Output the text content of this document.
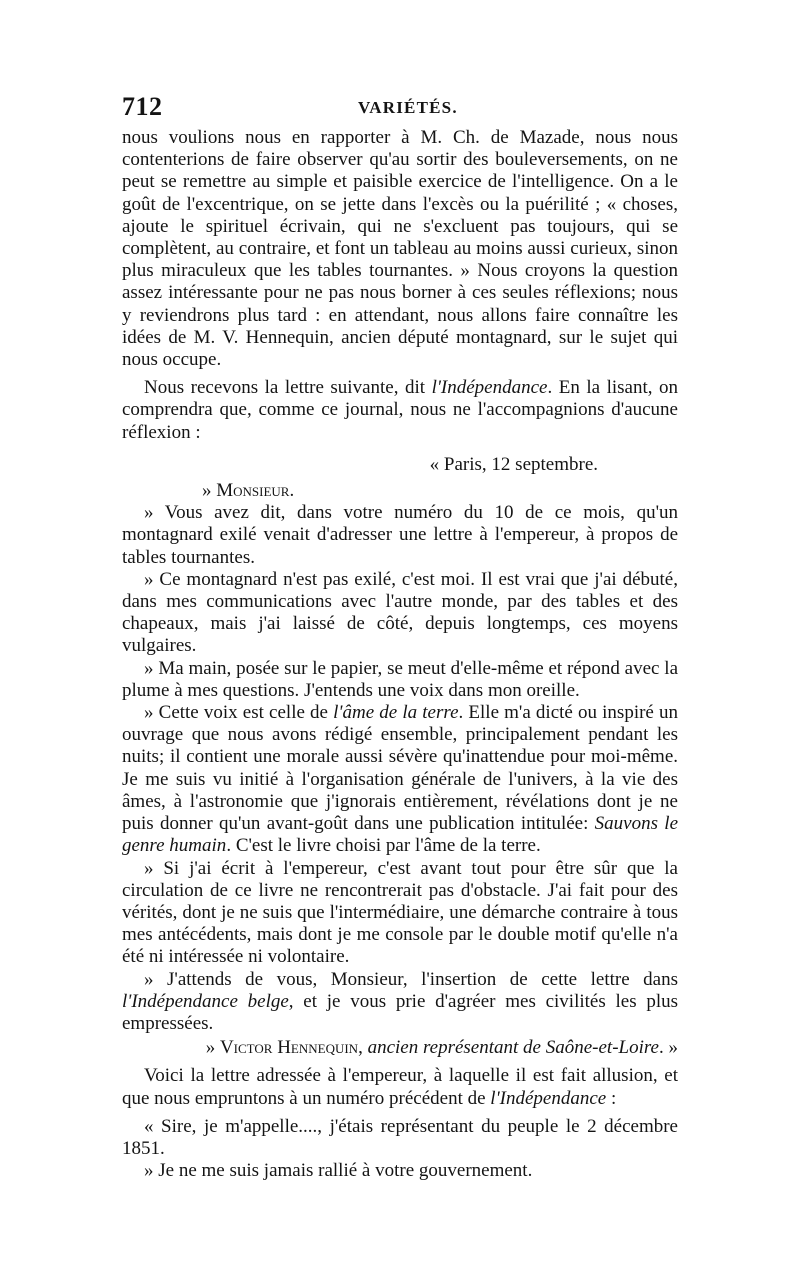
712	VARIÉTÉS.

nous voulions nous en rapporter à M. Ch. de Mazade, nous nous contenterions de faire observer qu'au sortir des bouleversements, on ne peut se remettre au simple et paisible exercice de l'intelligence. On a le goût de l'excentrique, on se jette dans l'excès ou la puérilité ; « choses, ajoute le spirituel écrivain, qui ne s'excluent pas toujours, qui se complètent, au contraire, et font un tableau au moins aussi curieux, sinon plus miraculeux que les tables tournantes. » Nous croyons la question assez intéressante pour ne pas nous borner à ces seules réflexions; nous y reviendrons plus tard : en attendant, nous allons faire connaître les idées de M. V. Hennequin, ancien député montagnard, sur le sujet qui nous occupe.

Nous recevons la lettre suivante, dit l'Indépendance. En la lisant, on comprendra que, comme ce journal, nous ne l'accompagnions d'aucune réflexion :

« Paris, 12 septembre.

» Monsieur.

» Vous avez dit, dans votre numéro du 10 de ce mois, qu'un montagnard exilé venait d'adresser une lettre à l'empereur, à propos de tables tournantes.

» Ce montagnard n'est pas exilé, c'est moi. Il est vrai que j'ai débuté, dans mes communications avec l'autre monde, par des tables et des chapeaux, mais j'ai laissé de côté, depuis longtemps, ces moyens vulgaires.

» Ma main, posée sur le papier, se meut d'elle-même et répond avec la plume à mes questions. J'entends une voix dans mon oreille.

» Cette voix est celle de l'âme de la terre. Elle m'a dicté ou inspiré un ouvrage que nous avons rédigé ensemble, principalement pendant les nuits; il contient une morale aussi sévère qu'inattendue pour moi-même. Je me suis vu initié à l'organisation générale de l'univers, à la vie des âmes, à l'astronomie que j'ignorais entièrement, révélations dont je ne puis donner qu'un avant-goût dans une publication intitulée: Sauvons le genre humain. C'est le livre choisi par l'âme de la terre.

» Si j'ai écrit à l'empereur, c'est avant tout pour être sûr que la circulation de ce livre ne rencontrerait pas d'obstacle. J'ai fait pour des vérités, dont je ne suis que l'intermédiaire, une démarche contraire à tous mes antécédents, mais dont je me console par le double motif qu'elle n'a été ni intéressée ni volontaire.

» J'attends de vous, Monsieur, l'insertion de cette lettre dans l'Indépendance belge, et je vous prie d'agréer mes civilités les plus empressées.

» Victor Hennequin, ancien représentant de Saône-et-Loire. »

Voici la lettre adressée à l'empereur, à laquelle il est fait allusion, et que nous empruntons à un numéro précédent de l'Indépendance :

« Sire, je m'appelle...., j'étais représentant du peuple le 2 décembre 1851.

» Je ne me suis jamais rallié à votre gouvernement.
